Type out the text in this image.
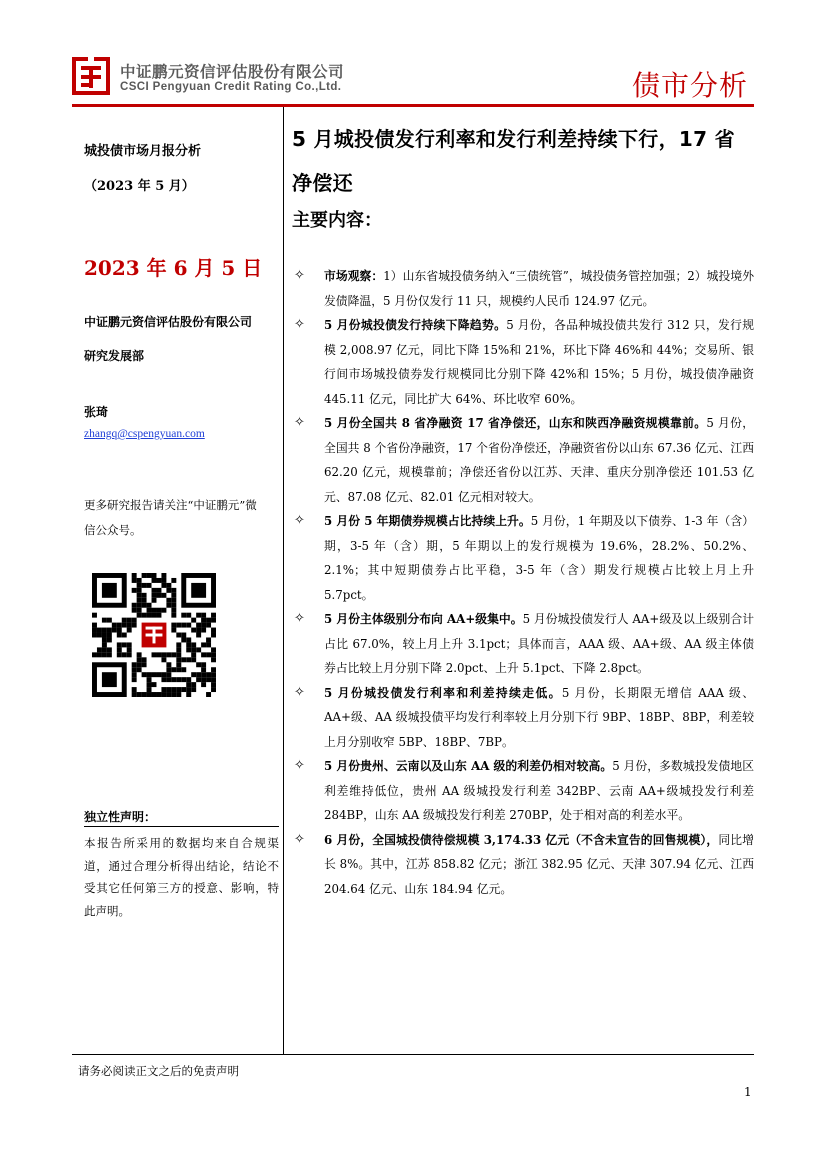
中证鹏元资信评估股份有限公司
CSCI Pengyuan Credit Rating Co.,Ltd.	债市分析
城投债市场月报分析
（2023 年 5 月）
2023 年 6 月 5 日
中证鹏元资信评估股份有限公司
研究发展部
张琦
zhangq@cspengyuan.com
更多研究报告请关注“中证鹏元”微信公众号。
独立性声明：
本报告所采用的数据均来自合规渠道，通过合理分析得出结论，结论不受其它任何第三方的授意、影响，特此声明。
5 月城投债发行利率和发行利差持续下行，17 省净偿还
主要内容：
✧ 市场观察：1）山东省城投债务纳入“三债统管”，城投债务管控加强；2）城投境外发债降温，5 月份仅发行 11 只，规模约人民币 124.97 亿元。
✧ 5 月份城投债发行持续下降趋势。5 月份，各品种城投债共发行 312 只，发行规模 2,008.97 亿元，同比下降 15%和 21%，环比下降 46%和 44%；交易所、银行间市场城投债券发行规模同比分别下降 42%和 15%；5 月份，城投债净融资 445.11 亿元，同比扩大 64%、环比收窄 60%。
✧ 5 月份全国共 8 省净融资 17 省净偿还，山东和陕西净融资规模靠前。5 月份，全国共 8 个省份净融资，17 个省份净偿还，净融资省份以山东 67.36 亿元、江西 62.20 亿元，规模靠前；净偿还省份以江苏、天津、重庆分别净偿还 101.53 亿元、87.08 亿元、82.01 亿元相对较大。
✧ 5 月份 5 年期债券规模占比持续上升。5 月份，1 年期及以下债券、1-3 年（含）期，3-5 年（含）期，5 年期以上的发行规模为 19.6%，28.2%、50.2%、2.1%；其中短期债券占比平稳，3-5 年（含）期发行规模占比较上月上升 5.7pct。
✧ 5 月份主体级别分布向 AA+级集中。5 月份城投债发行人 AA+级及以上级别合计占比 67.0%，较上月上升 3.1pct；具体而言，AAA 级、AA+级、AA 级主体债券占比较上月分别下降 2.0pct、上升 5.1pct、下降 2.8pct。
✧ 5 月份城投债发行利率和利差持续走低。5 月份，长期限无增信 AAA 级、AA+级、AA 级城投债平均发行利率较上月分别下行 9BP、18BP、8BP，利差较上月分别收窄 5BP、18BP、7BP。
✧ 5 月份贵州、云南以及山东 AA 级的利差仍相对较高。5 月份，多数城投发债地区利差维持低位，贵州 AA 级城投发行利差 342BP、云南 AA+级城投发行利差 284BP，山东 AA 级城投发行利差 270BP，处于相对高的利差水平。
✧ 6 月份，全国城投债待偿规模 3,174.33 亿元（不含未宣告的回售规模），同比增长 8%。其中，江苏 858.82 亿元；浙江 382.95 亿元、天津 307.94 亿元、江西 204.64 亿元、山东 184.94 亿元。
请务必阅读正文之后的免责声明
1
